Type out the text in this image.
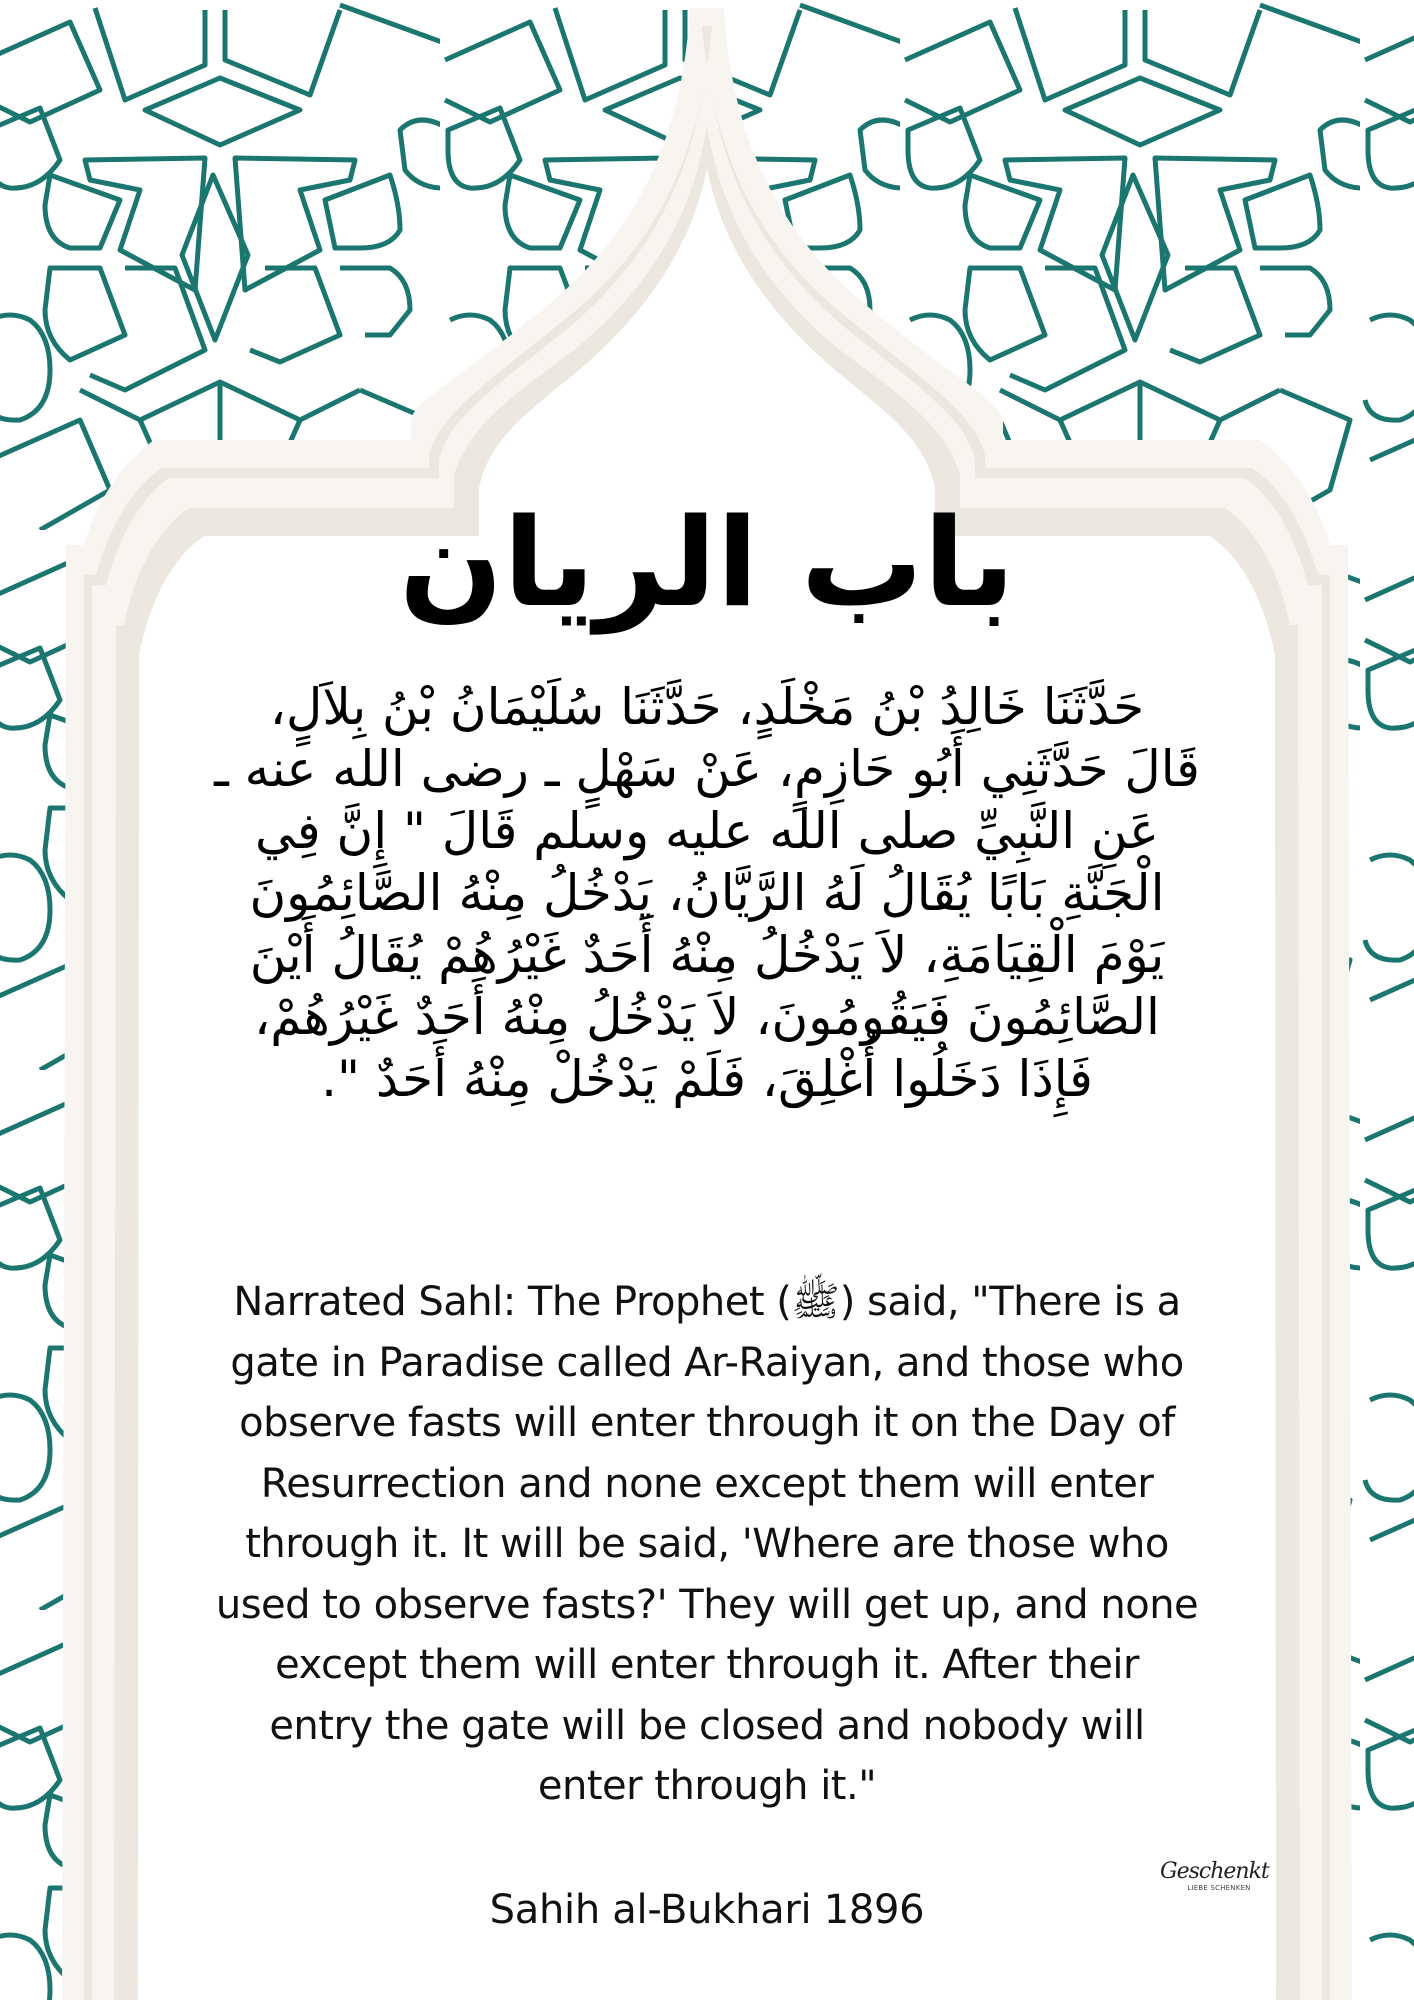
باب الريان
حَدَّثَنَا خَالِدُ بْنُ مَخْلَدٍ، حَدَّثَنَا سُلَيْمَانُ بْنُ بِلاَلٍ،
قَالَ حَدَّثَنِي أَبُو حَازِمٍ، عَنْ سَهْلٍ ـ رضى الله عنه ـ
عَنِ النَّبِيِّ صلى الله عليه وسلم قَالَ " إِنَّ فِي
الْجَنَّةِ بَابًا يُقَالُ لَهُ الرَّيَّانُ، يَدْخُلُ مِنْهُ الصَّائِمُونَ
يَوْمَ الْقِيَامَةِ، لاَ يَدْخُلُ مِنْهُ أَحَدٌ غَيْرُهُمْ يُقَالُ أَيْنَ
الصَّائِمُونَ فَيَقُومُونَ، لاَ يَدْخُلُ مِنْهُ أَحَدٌ غَيْرُهُمْ،
فَإِذَا دَخَلُوا أُغْلِقَ، فَلَمْ يَدْخُلْ مِنْهُ أَحَدٌ ".
Narrated Sahl: The Prophet (ﷺ) said, "There is a
gate in Paradise called Ar-Raiyan, and those who
observe fasts will enter through it on the Day of
Resurrection and none except them will enter
through it. It will be said, 'Where are those who
used to observe fasts?' They will get up, and none
except them will enter through it. After their
entry the gate will be closed and nobody will
enter through it."
Sahih al-Bukhari 1896
Geschenkt
LIEBE SCHENKEN
